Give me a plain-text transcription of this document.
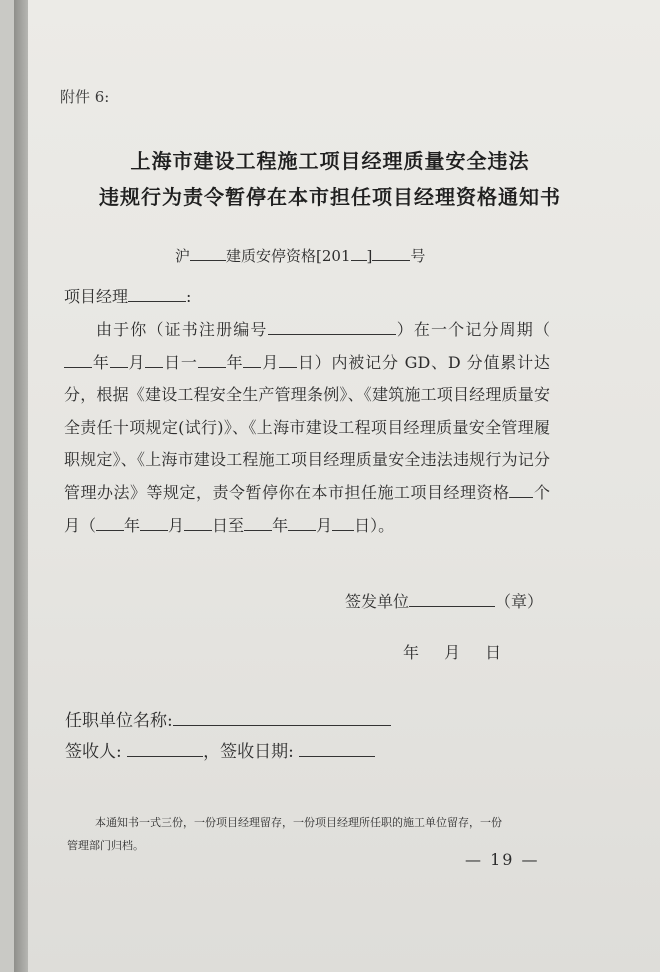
附件 6:
上海市建设工程施工项目经理质量安全违法
违规行为责令暂停在本市担任项目经理资格通知书
沪 建质安停资格[201 ]	号
项目经理	:
由于你（证书注册编号	）在一个记分周期（年 月 日一 年 月 日）内被记分 GD、D 分值累计达分，根据《建设工程安全生产管理条例》、《建筑施工项目经理质量安全责任十项规定(试行)》、《上海市建设工程项目经理质量安全管理履职规定》、《上海市建设工程施工项目经理质量安全违法违规行为记分管理办法》等规定，责令暂停你在本市担任施工项目经理资格 个月（ 年 月 日至 年 月 日）。
签发单位	（章）
年 月 日
任职单位名称:
签收人:	，签收日期:
本通知书一式三份，一份项目经理留存，一份项目经理所任职的施工单位留存，一份
管理部门归档。
— 19 —
